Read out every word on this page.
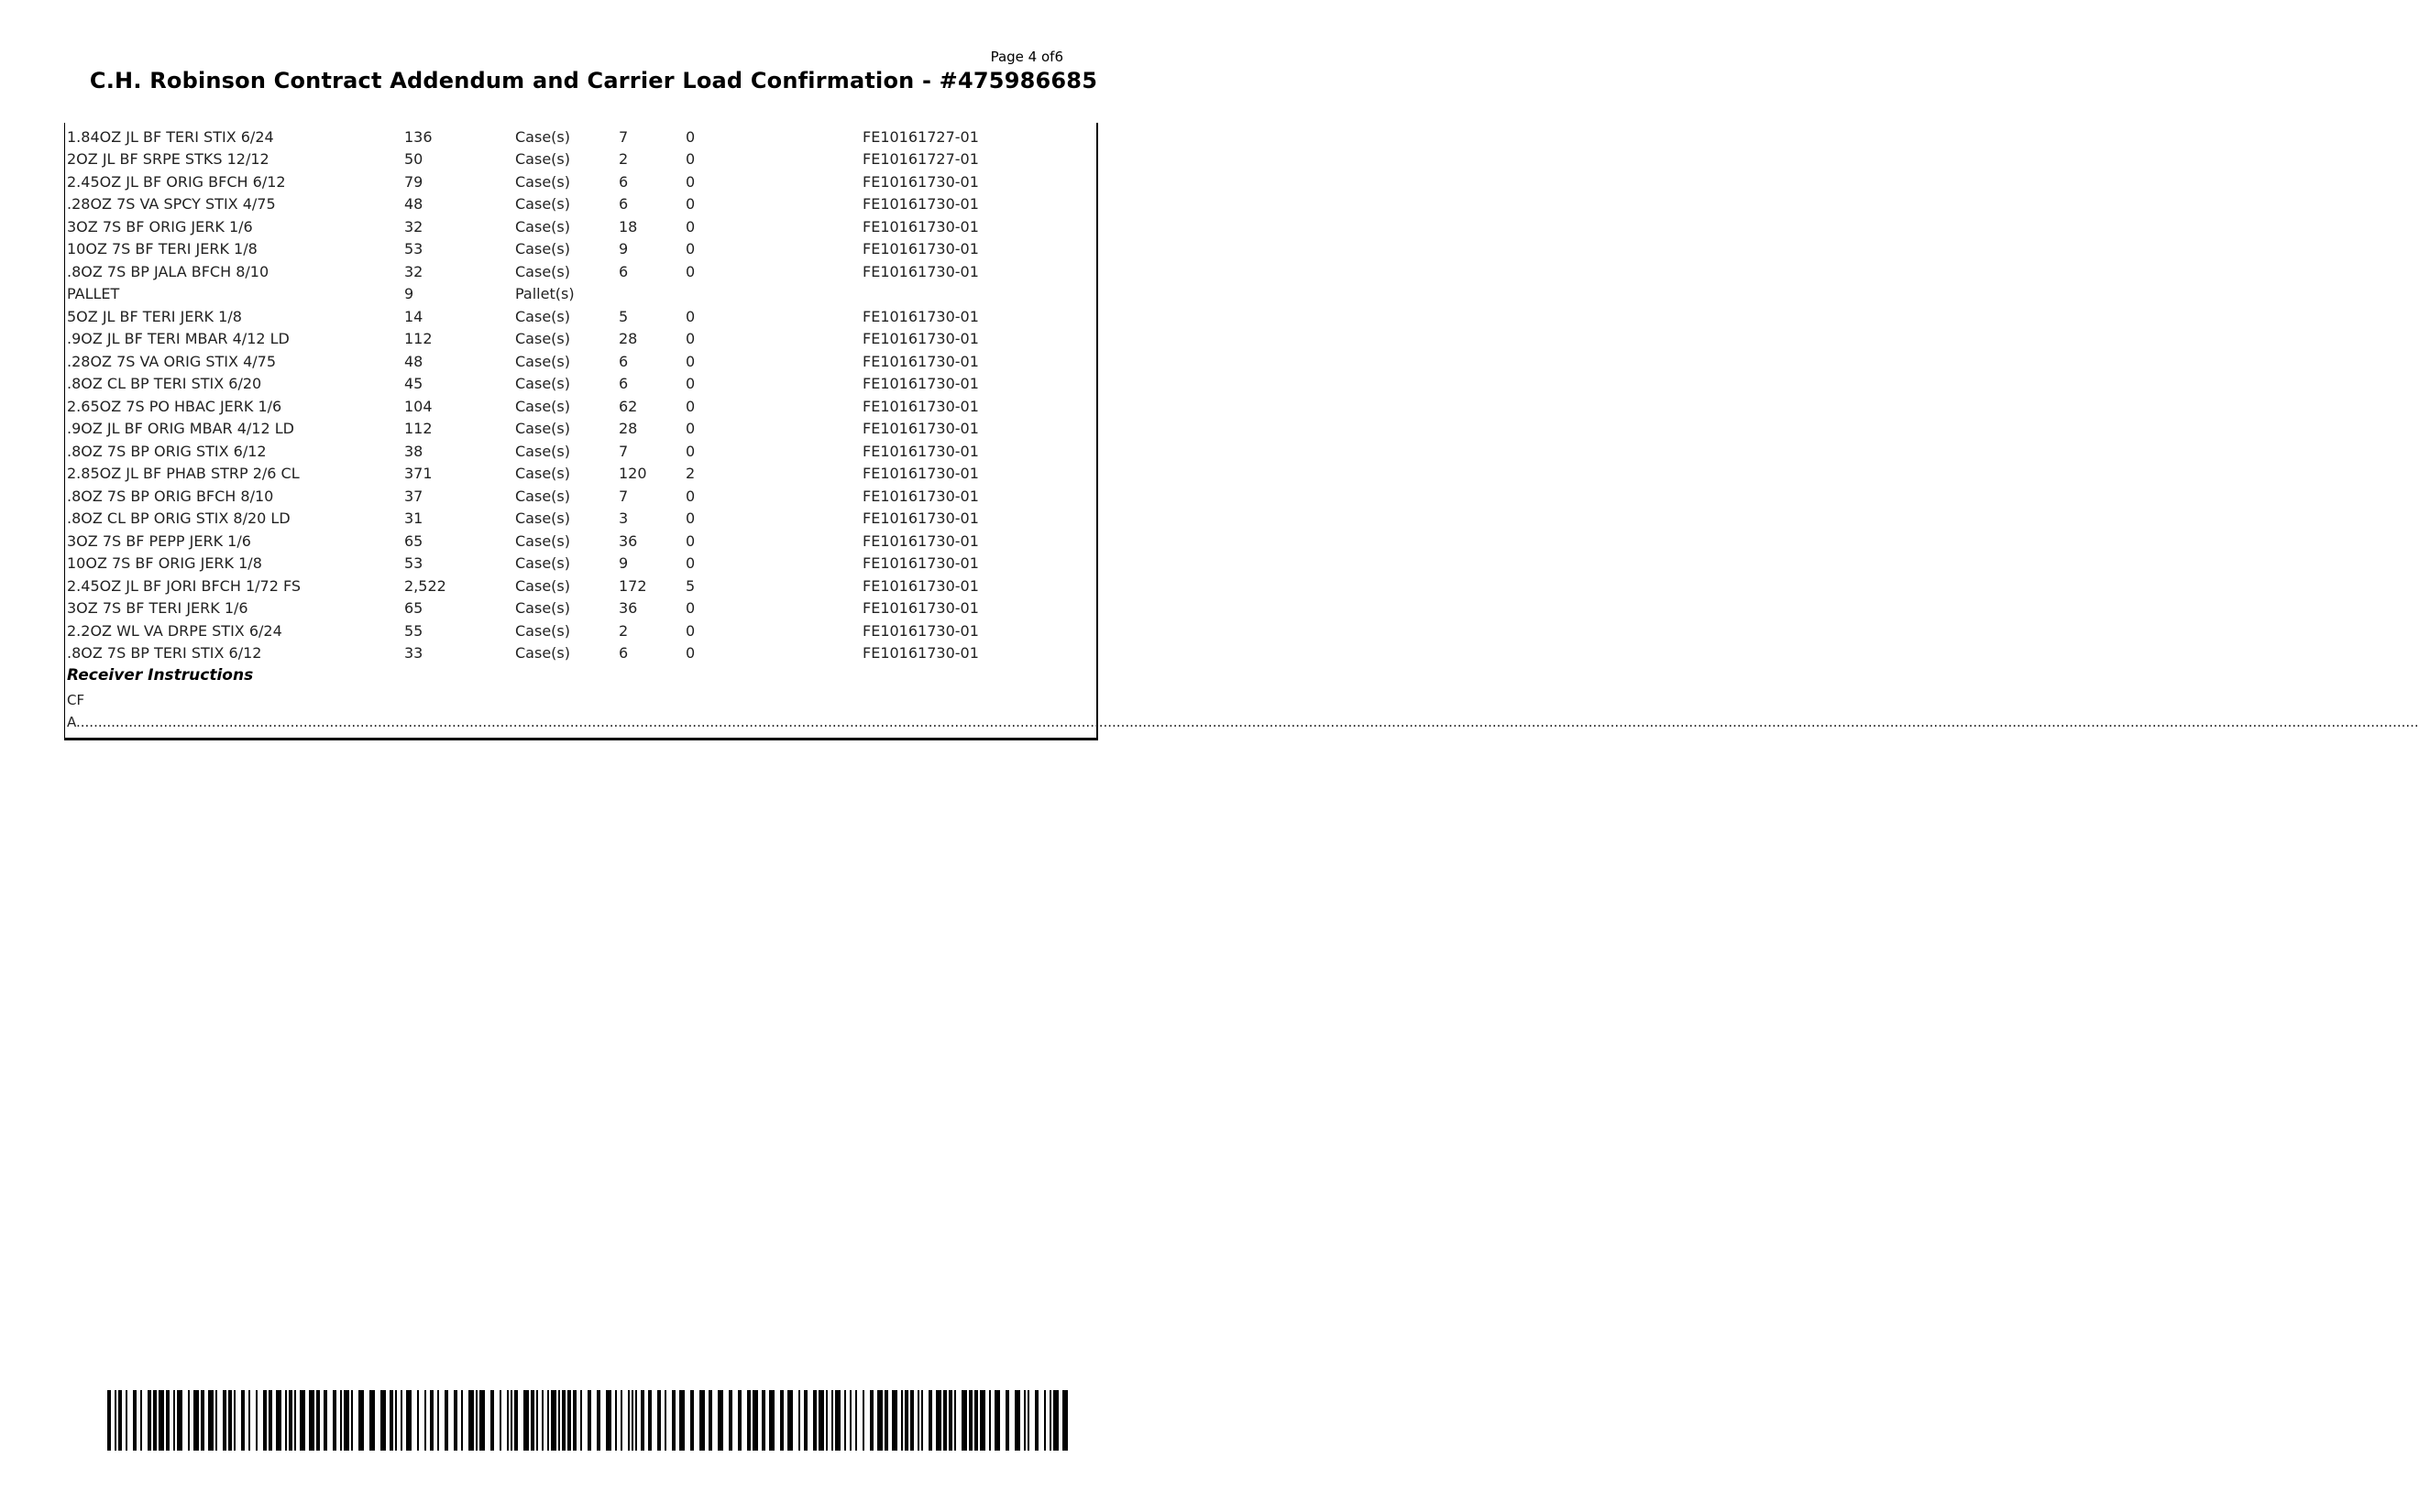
Page 4 of6
C.H. Robinson Contract Addendum and Carrier Load Confirmation - #475986685
1.84OZ JL BF TERI STIX 6/24	136	Case(s)	7	0	FE10161727-01
2OZ JL BF SRPE STKS 12/12	50	Case(s)	2	0	FE10161727-01
2.45OZ JL BF ORIG BFCH 6/12	79	Case(s)	6	0	FE10161730-01
.28OZ 7S VA SPCY STIX 4/75	48	Case(s)	6	0	FE10161730-01
3OZ 7S BF ORIG JERK 1/6	32	Case(s)	18	0	FE10161730-01
10OZ 7S BF TERI JERK 1/8	53	Case(s)	9	0	FE10161730-01
.8OZ 7S BP JALA BFCH 8/10	32	Case(s)	6	0	FE10161730-01
PALLET	9	Pallet(s)			
5OZ JL BF TERI JERK 1/8	14	Case(s)	5	0	FE10161730-01
.9OZ JL BF TERI MBAR 4/12 LD	112	Case(s)	28	0	FE10161730-01
.28OZ 7S VA ORIG STIX 4/75	48	Case(s)	6	0	FE10161730-01
.8OZ CL BP TERI STIX 6/20	45	Case(s)	6	0	FE10161730-01
2.65OZ 7S PO HBAC JERK 1/6	104	Case(s)	62	0	FE10161730-01
.9OZ JL BF ORIG MBAR 4/12 LD	112	Case(s)	28	0	FE10161730-01
.8OZ 7S BP ORIG STIX 6/12	38	Case(s)	7	0	FE10161730-01
2.85OZ JL BF PHAB STRP 2/6 CL	371	Case(s)	120	2	FE10161730-01
.8OZ 7S BP ORIG BFCH 8/10	37	Case(s)	7	0	FE10161730-01
.8OZ CL BP ORIG STIX 8/20 LD	31	Case(s)	3	0	FE10161730-01
3OZ 7S BF PEPP JERK 1/6	65	Case(s)	36	0	FE10161730-01
10OZ 7S BF ORIG JERK 1/8	53	Case(s)	9	0	FE10161730-01
2.45OZ JL BF JORI BFCH 1/72 FS	2,522	Case(s)	172	5	FE10161730-01
3OZ 7S BF TERI JERK 1/6	65	Case(s)	36	0	FE10161730-01
2.2OZ WL VA DRPE STIX 6/24	55	Case(s)	2	0	FE10161730-01
.8OZ 7S BP TERI STIX 6/12	33	Case(s)	6	0	FE10161730-01
Receiver Instructions
CFA........................................................................................................................................................................................................................................................................................................................................................................................................................................................................................................................................................
